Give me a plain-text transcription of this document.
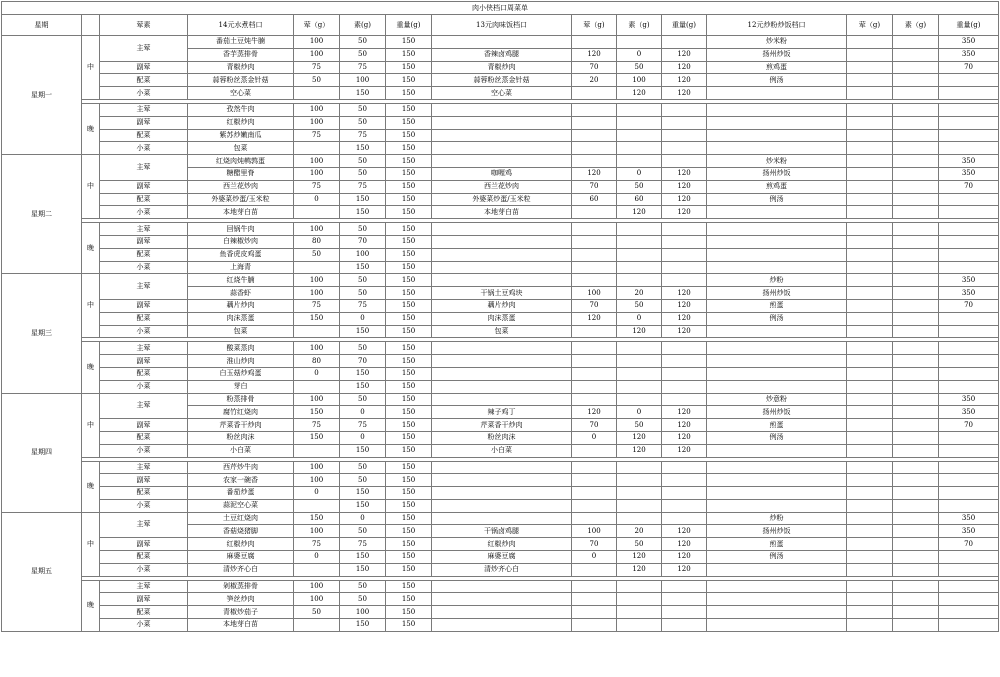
肉小侠档口周菜单														
星期		荤素	14元水煮档口	荤（g）	素(g)	重量(g)	13元肉味饭档口	荤（g)	素（g)	重量(g)	12元炒粉炒饭档口	荤（g)	素（g)	重量(g)
星期一	中	主荤	番茄土豆炖牛腩	100	50	150					炒米粉			350
			香芋蒸排骨	100	50	150	香辣卤鸡腿	120	0	120	扬州炒饭			350
		副荤	青椒炒肉	75	75	150	青椒炒肉	70	50	120	煎鸡蛋			70
		配菜	蒜蓉粉丝蒸金针菇	50	100	150	蒜蓉粉丝蒸金针菇	20	100	120	例汤			
		小菜	空心菜		150	150	空心菜		120	120				

	晚	主荤	孜然牛肉	100	50	150								
		副荤	红椒炒肉	100	50	150								
		配菜	紫苏炒嫩南瓜	75	75	150								
		小菜	包菜		150	150								
星期二	中	主荤	红烧肉炖鹌鹑蛋	100	50	150					炒米粉			350
			糖醋里脊	100	50	150	咖喱鸡	120	0	120	扬州炒饭			350
		副荤	西兰花炒肉	75	75	150	西兰花炒肉	70	50	120	煎鸡蛋			70
		配菜	外婆菜炒蛋/玉米粒	0	150	150	外婆菜炒蛋/玉米粒	60	60	120	例汤			
		小菜	本地芽白苗		150	150	本地芽白苗		120	120				

	晚	主荤	回锅牛肉	100	50	150								
		副荤	白辣椒炒肉	80	70	150								
		配菜	鱼香虎皮鸡蛋	50	100	150								
		小菜	上海青		150	150								
星期三	中	主荤	红烧牛腩	100	50	150					炒粉			350
			蒜香虾	100	50	150	干锅土豆鸡块	100	20	120	扬州炒饭			350
		副荤	藕片炒肉	75	75	150	藕片炒肉	70	50	120	煎蛋			70
		配菜	肉沫蒸蛋	150	0	150	肉沫蒸蛋	120	0	120	例汤			
		小菜	包菜		150	150	包菜		120	120				

	晚	主荤	酸菜蒸肉	100	50	150								
		副荤	淮山炒肉	80	70	150								
		配菜	白玉菇炒鸡蛋	0	150	150								
		小菜	芽白		150	150								
星期四	中	主荤	粉蒸排骨	100	50	150					炒意粉			350
			腐竹红烧肉	150	0	150	辣子鸡丁	120	0	120	扬州炒饭			350
		副荤	芹菜香干炒肉	75	75	150	芹菜香干炒肉	70	50	120	煎蛋			70
		配菜	粉丝肉沫	150	0	150	粉丝肉沫	0	120	120	例汤			
		小菜	小白菜		150	150	小白菜		120	120				

	晚	主荤	西芹炒牛肉	100	50	150								
		副荤	农家一碗香	100	50	150								
		配菜	番茄炒蛋	0	150	150								
		小菜	蒜泥空心菜		150	150								
星期五	中	主荤	土豆红烧肉	150	0	150					炒粉			350
			香菇烧猪脚	100	50	150	干锅卤鸡腿	100	20	120	扬州炒饭			350
		副荤	红椒炒肉	75	75	150	红椒炒肉	70	50	120	煎蛋			70
		配菜	麻婆豆腐	0	150	150	麻婆豆腐	0	120	120	例汤			
		小菜	清炒齐心白		150	150	清炒齐心白		120	120				

	晚	主荤	剁椒蒸排骨	100	50	150								
		副荤	笋丝炒肉	100	50	150								
		配菜	青椒炒茄子	50	100	150								
		小菜	本地芽白苗		150	150								
